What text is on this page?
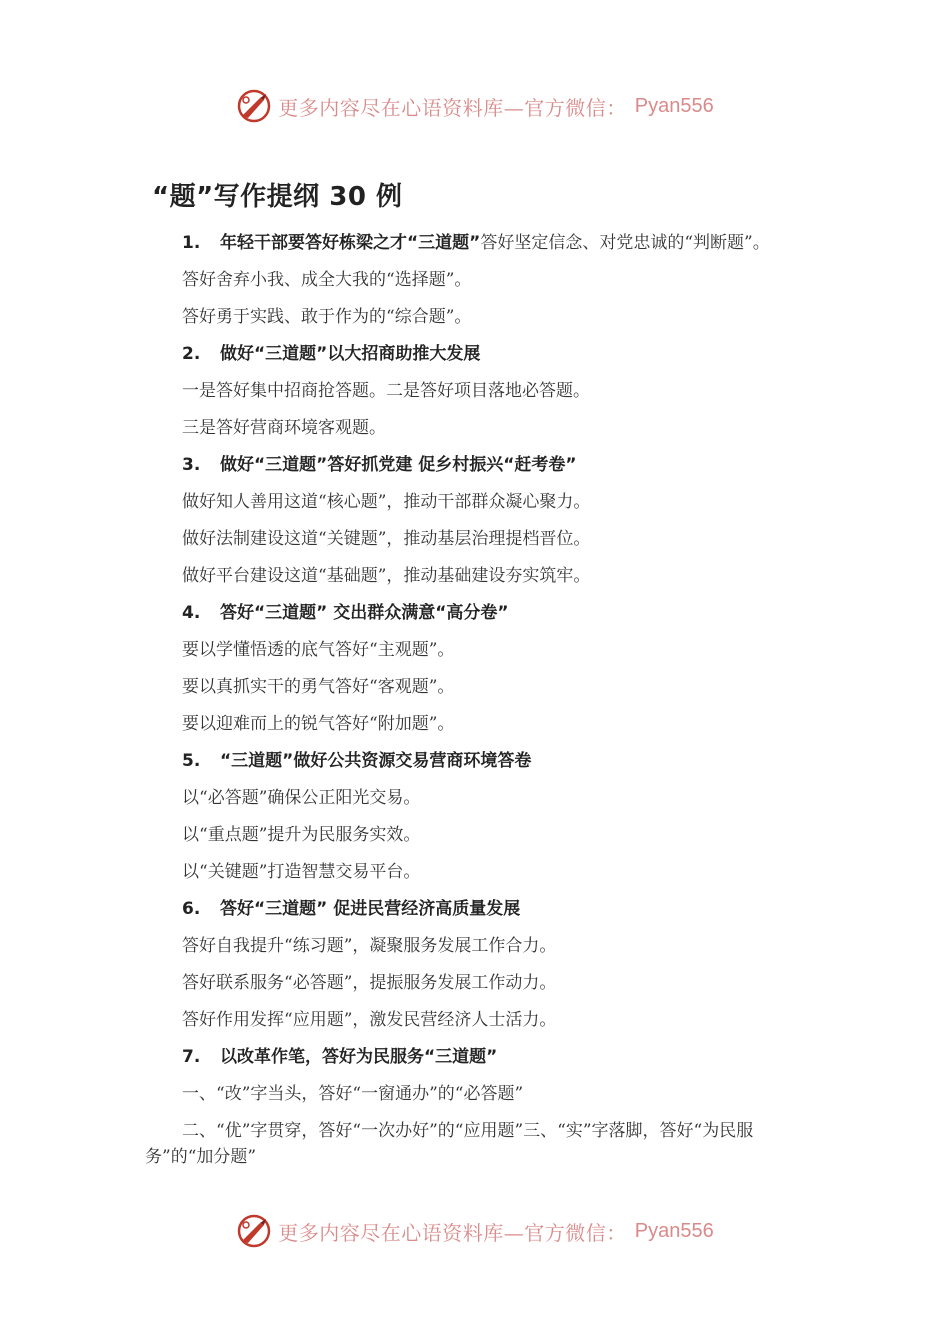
更多内容尽在心语资料库—官方微信： Pyan556
“题”写作提纲 30 例

1. 年轻干部要答好栋梁之才“三道题”答好坚定信念、对党忠诚的“判断题”。

答好舍弃小我、成全大我的“选择题”。

答好勇于实践、敢于作为的“综合题”。

2. 做好“三道题”以大招商助推大发展

一是答好集中招商抢答题。二是答好项目落地必答题。

三是答好营商环境客观题。

3. 做好“三道题”答好抓党建 促乡村振兴“赶考卷”

做好知人善用这道“核心题”，推动干部群众凝心聚力。

做好法制建设这道“关键题”，推动基层治理提档晋位。

做好平台建设这道“基础题”，推动基础建设夯实筑牢。

4. 答好“三道题” 交出群众满意“高分卷”

要以学懂悟透的底气答好“主观题”。

要以真抓实干的勇气答好“客观题”。

要以迎难而上的锐气答好“附加题”。

5. “三道题”做好公共资源交易营商环境答卷

以“必答题”确保公正阳光交易。

以“重点题”提升为民服务实效。

以“关键题”打造智慧交易平台。

6. 答好“三道题” 促进民营经济高质量发展

答好自我提升“练习题”，凝聚服务发展工作合力。

答好联系服务“必答题”，提振服务发展工作动力。

答好作用发挥“应用题”，激发民营经济人士活力。

7. 以改革作笔，答好为民服务“三道题”

一、“改”字当头，答好“一窗通办”的“必答题”

二、“优”字贯穿，答好“一次办好”的“应用题”三、“实”字落脚，答好“为民服务”的“加分题”

更多内容尽在心语资料库—官方微信： Pyan556
